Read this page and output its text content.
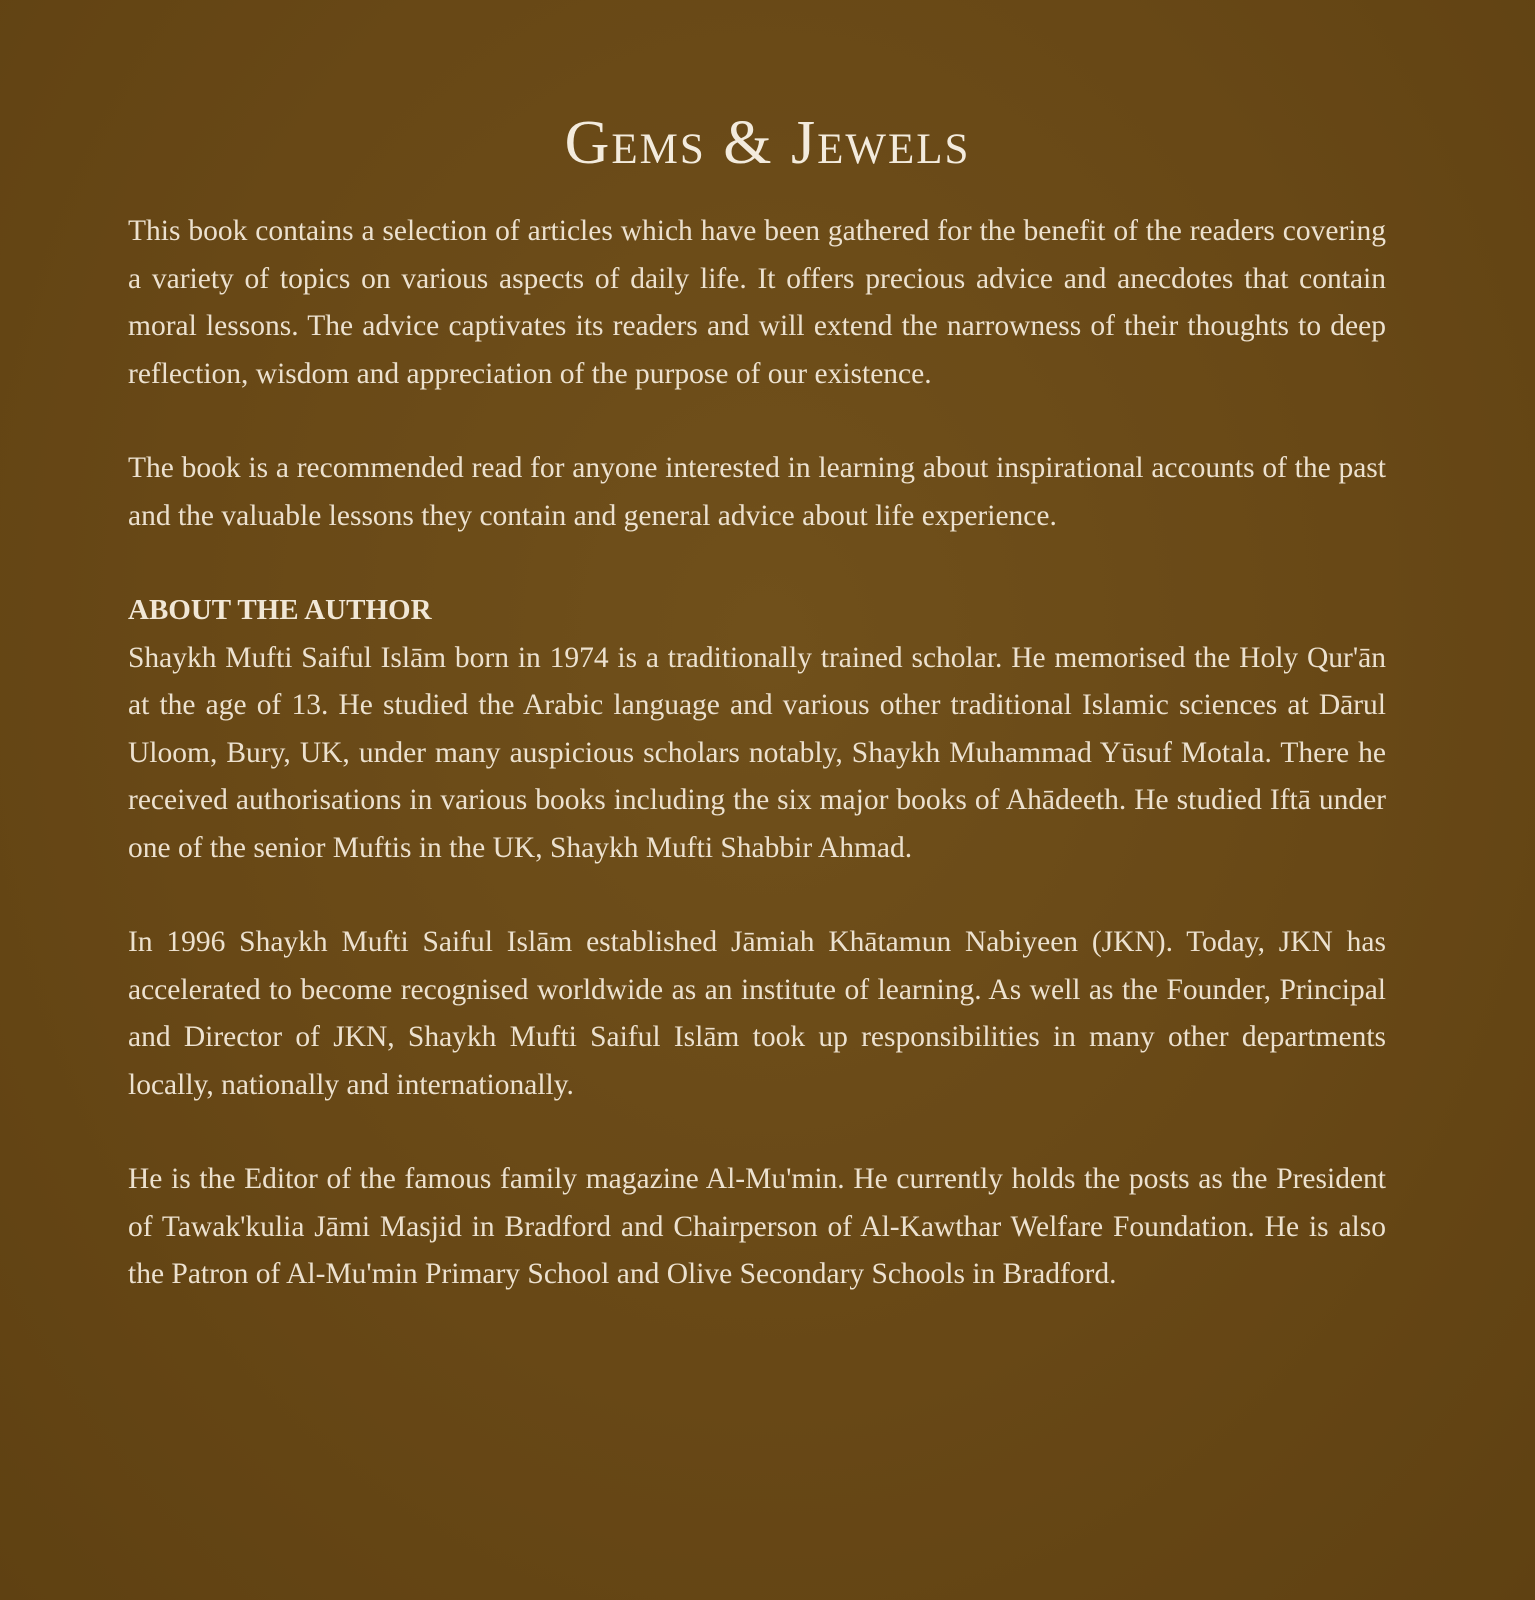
Gems & Jewels

This book contains a selection of articles which have been gathered for the benefit of the readers covering a variety of topics on various aspects of daily life. It offers precious advice and anecdotes that contain moral lessons. The advice captivates its readers and will extend the narrowness of their thoughts to deep reflection, wisdom and appreciation of the purpose of our existence.

The book is a recommended read for anyone interested in learning about inspirational accounts of the past and the valuable lessons they contain and general advice about life experience.

ABOUT THE AUTHOR

Shaykh Mufti Saiful Islām born in 1974 is a traditionally trained scholar. He memorised the Holy Qur'ān at the age of 13. He studied the Arabic language and various other traditional Islamic sciences at Dārul Uloom, Bury, UK, under many auspicious scholars notably, Shaykh Muhammad Yūsuf Motala. There he received authorisations in various books including the six major books of Ahādeeth. He studied Iftā under one of the senior Muftis in the UK, Shaykh Mufti Shabbir Ahmad.

In 1996 Shaykh Mufti Saiful Islām established Jāmiah Khātamun Nabiyeen (JKN). Today, JKN has accelerated to become recognised worldwide as an institute of learning. As well as the Founder, Principal and Director of JKN, Shaykh Mufti Saiful Islām took up responsibilities in many other departments locally, nationally and internationally.

He is the Editor of the famous family magazine Al-Mu'min. He currently holds the posts as the President of Tawak'kulia Jāmi Masjid in Bradford and Chairperson of Al-Kawthar Welfare Foundation. He is also the Patron of Al-Mu'min Primary School and Olive Secondary Schools in Bradford.
